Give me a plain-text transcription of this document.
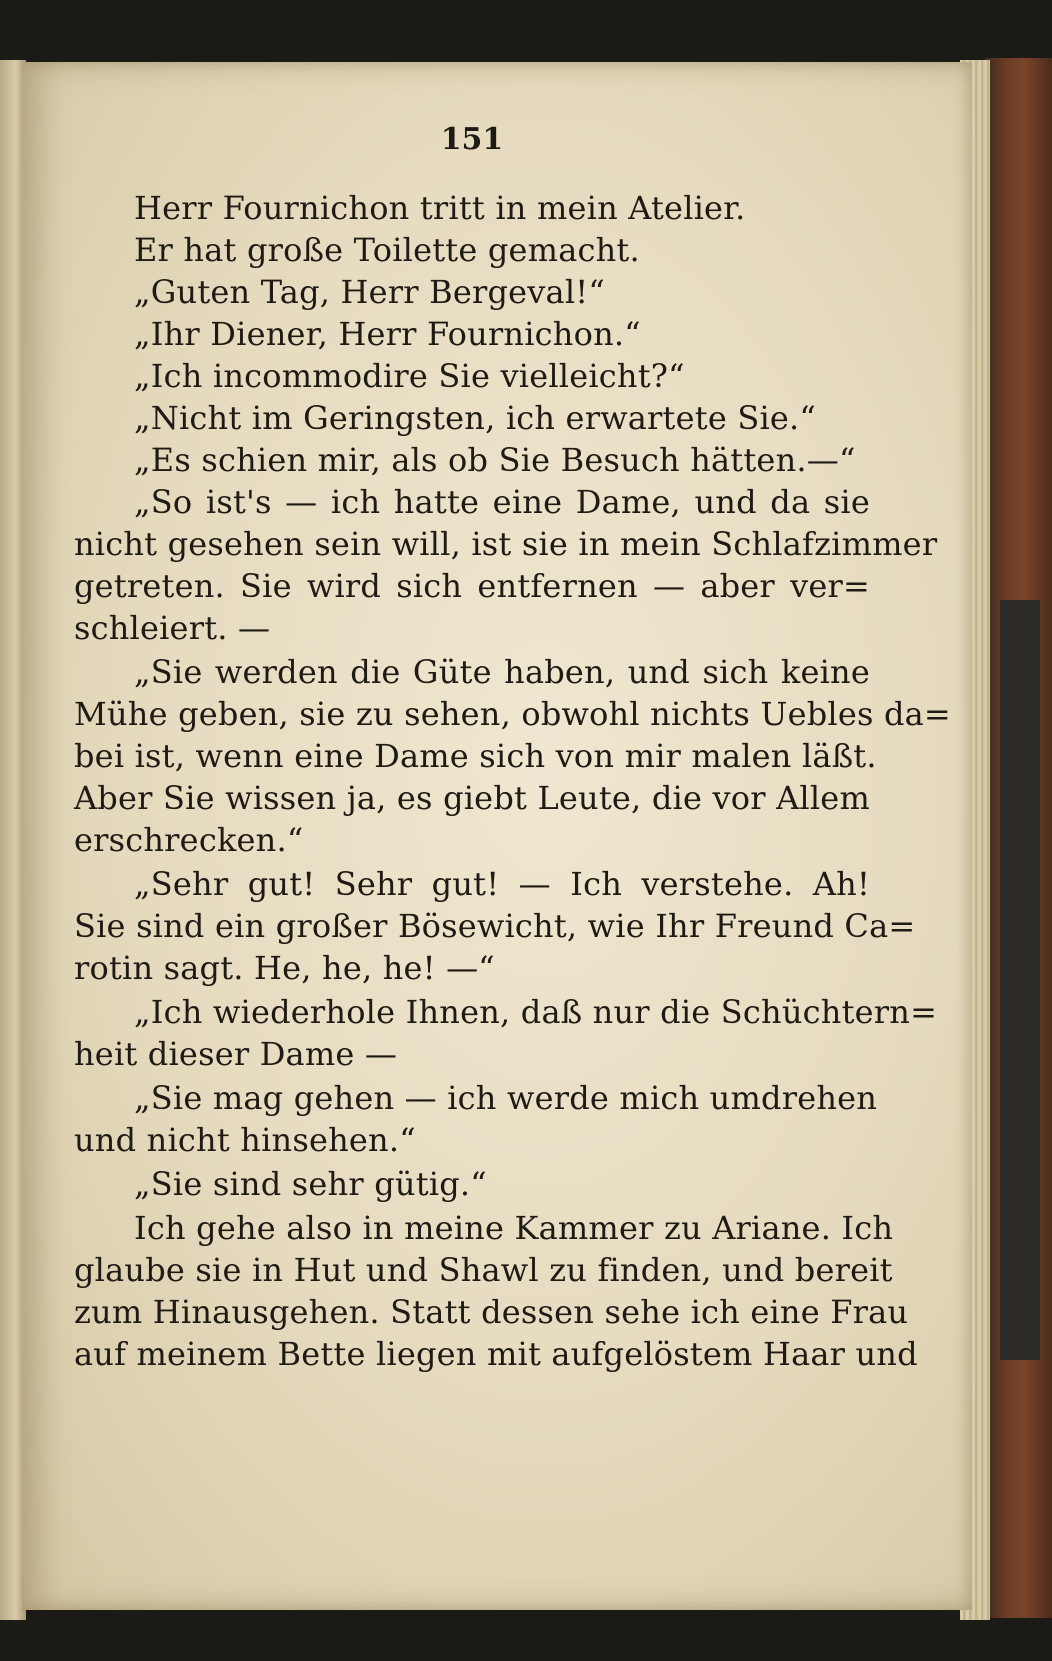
151
Herr Fournichon tritt in mein Atelier.
Er hat große Toilette gemacht.
„Guten Tag, Herr Bergeval!“
„Ihr Diener, Herr Fournichon.“
„Ich incommodire Sie vielleicht?“
„Nicht im Geringsten, ich erwartete Sie.“
„Es schien mir, als ob Sie Besuch hätten.—“
„So ist's — ich hatte eine Dame, und da sie
nicht gesehen sein will, ist sie in mein Schlafzimmer
getreten. Sie wird sich entfernen — aber ver=
schleiert. —
„Sie werden die Güte haben, und sich keine
Mühe geben, sie zu sehen, obwohl nichts Uebles da=
bei ist, wenn eine Dame sich von mir malen läßt.
Aber Sie wissen ja, es giebt Leute, die vor Allem
erschrecken.“
„Sehr gut! Sehr gut! — Ich verstehe. Ah!
Sie sind ein großer Bösewicht, wie Ihr Freund Ca=
rotin sagt. He, he, he! —“
„Ich wiederhole Ihnen, daß nur die Schüchtern=
heit dieser Dame —
„Sie mag gehen — ich werde mich umdrehen
und nicht hinsehen.“
„Sie sind sehr gütig.“
Ich gehe also in meine Kammer zu Ariane. Ich
glaube sie in Hut und Shawl zu finden, und bereit
zum Hinausgehen. Statt dessen sehe ich eine Frau
auf meinem Bette liegen mit aufgelöstem Haar und
